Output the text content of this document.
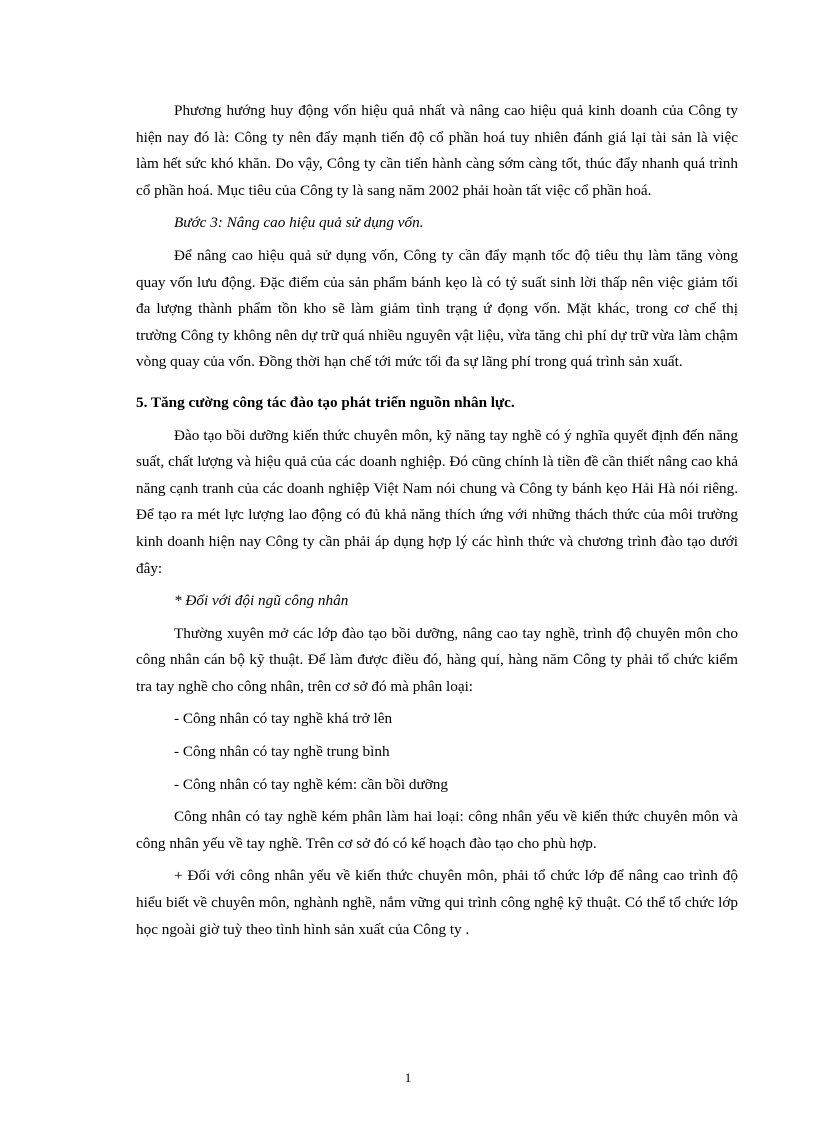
Phương hướng huy động vốn hiệu quả nhất và nâng cao hiệu quả kinh doanh của Công ty hiện nay đó là: Công ty nên đẩy mạnh tiến độ cổ phần hoá tuy nhiên đánh giá lại tài sản là việc làm hết sức khó khăn. Do vậy, Công ty cần tiến hành càng sớm càng tốt, thúc đẩy nhanh quá trình cổ phần hoá. Mục tiêu của Công ty là sang năm 2002 phải hoàn tất việc cổ phần hoá.

Bước 3: Nâng cao hiệu quả sử dụng vốn.

Để nâng cao hiệu quả sử dụng vốn, Công ty cần đẩy mạnh tốc độ tiêu thụ làm tăng vòng quay vốn lưu động. Đặc điểm của sản phẩm bánh kẹo là có tỷ suất sinh lời thấp nên việc giảm tối đa lượng thành phẩm tồn kho sẽ làm giảm tình trạng ứ đọng vốn. Mặt khác, trong cơ chế thị trường Công ty không nên dự trữ quá nhiều nguyên vật liệu, vừa tăng chi phí dự trữ vừa làm chậm vòng quay của vốn. Đồng thời hạn chế tới mức tối đa sự lãng phí trong quá trình sản xuất.

5. Tăng cường công tác đào tạo phát triển nguồn nhân lực.

Đào tạo bồi dưỡng kiến thức chuyên môn, kỹ năng tay nghề có ý nghĩa quyết định đến năng suất, chất lượng và hiệu quả của các doanh nghiệp. Đó cũng chính là tiền đề cần thiết nâng cao khả năng cạnh tranh của các doanh nghiệp Việt Nam nói chung và Công ty bánh kẹo Hải Hà nói riêng. Để tạo ra mét lực lượng lao động có đủ khả năng thích ứng với những thách thức của môi trường kinh doanh hiện nay Công ty cần phải áp dụng hợp lý các hình thức và chương trình đào tạo dưới đây:

* Đối với đội ngũ công nhân

Thường xuyên mở các lớp đào tạo bồi dưỡng, nâng cao tay nghề, trình độ chuyên môn cho công nhân cán bộ kỹ thuật. Để làm được điều đó, hàng quí, hàng năm Công ty phải tổ chức kiểm tra tay nghề cho công nhân, trên cơ sở đó mà phân loại:

- Công nhân có tay nghề khá trở lên

- Công nhân có tay nghề trung bình

- Công nhân có tay nghề kém: cần bồi dưỡng

Công nhân có tay nghề kém phân làm hai loại: công nhân yếu về kiến thức chuyên môn và công nhân yếu về tay nghề. Trên cơ sở đó có kế hoạch đào tạo cho phù hợp.

+ Đối với công nhân yếu về kiến thức chuyên môn, phải tổ chức lớp để nâng cao trình độ hiểu biết về chuyên môn, nghành nghề, nắm vững qui trình công nghệ kỹ thuật. Có thể tổ chức lớp học ngoài giờ tuỳ theo tình hình sản xuất của Công ty .

1
